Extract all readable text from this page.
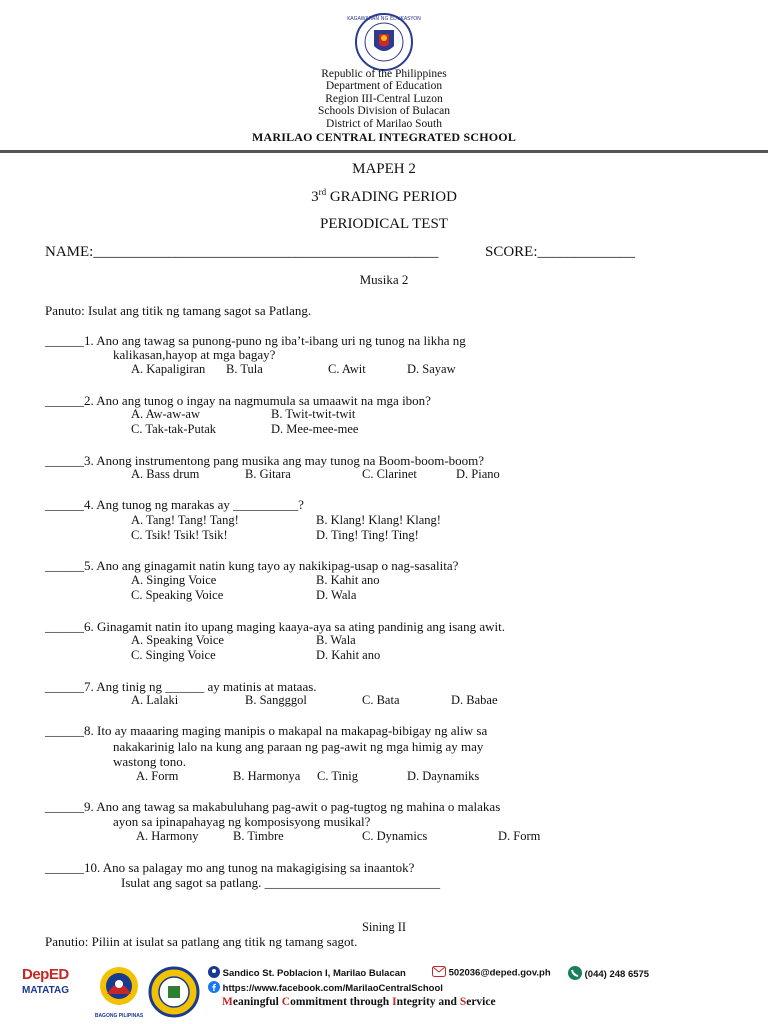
KAGAWARAN NG EDUKASYON
Republic of the Philippines
Department of Education
Region III-Central Luzon
Schools Division of Bulacan
District of Marilao South
MARILAO CENTRAL INTEGRATED SCHOOL
MAPEH 2
3rd GRADING PERIOD
PERIODICAL TEST
NAME:______________________________________________	SCORE:_____________
Musika 2
Panuto: Isulat ang titik ng tamang sagot sa Patlang.
______1. Ano ang tawag sa punong-puno ng iba’t-ibang uri ng tunog na likha ng
kalikasan,hayop at mga bagay?
A. Kapaligiran B. Tula	C. Awit	D. Sayaw
______2. Ano ang tunog o ingay na nagmumula sa umaawit na mga ibon?
A. Aw-aw-aw	B. Twit-twit-twit
C. Tak-tak-Putak	D. Mee-mee-mee
______3. Anong instrumentong pang musika ang may tunog na Boom-boom-boom?
A. Bass drum	B. Gitara	C. Clarinet	D. Piano
______4. Ang tunog ng marakas ay __________?
A. Tang! Tang! Tang!	B. Klang! Klang! Klang!
C. Tsik! Tsik! Tsik!	D. Ting! Ting! Ting!
______5. Ano ang ginagamit natin kung tayo ay nakikipag-usap o nag-sasalita?
A. Singing Voice	B. Kahit ano
C. Speaking Voice	D. Wala
______6. Ginagamit natin ito upang maging kaaya-aya sa ating pandinig ang isang awit.
A. Speaking Voice	B. Wala
C. Singing Voice	D. Kahit ano
______7. Ang tinig ng ______ ay matinis at mataas.
A. Lalaki	B. Sangggol	C. Bata	D. Babae
______8. Ito ay maaaring maging manipis o makapal na makapag-bibigay ng aliw sa
nakakarinig lalo na kung ang paraan ng pag-awit ng mga himig ay may
wastong tono.
A. Form	B. Harmonya C. Tinig	D. Daynamiks
______9. Ano ang tawag sa makabuluhang pag-awit o pag-tugtog ng mahina o malakas
ayon sa ipinapahayag ng komposisyong musikal?
A. Harmony	B. Timbre	C. Dynamics	D. Form
______10. Ano sa palagay mo ang tunog na makagigising sa inaantok?
Isulat ang sagot sa patlang. ___________________________
Sining II
Panutio: Piliin at isulat sa patlang ang titik ng tamang sagot.
DepED
MATATAG
BAGONG PILIPINAS
Sandico St. Poblacion I, Marilao Bulacan	502036@deped.gov.ph	(044) 248 6575
https://www.facebook.com/MarilaoCentralSchool
Meaningful Commitment through Integrity and Service
